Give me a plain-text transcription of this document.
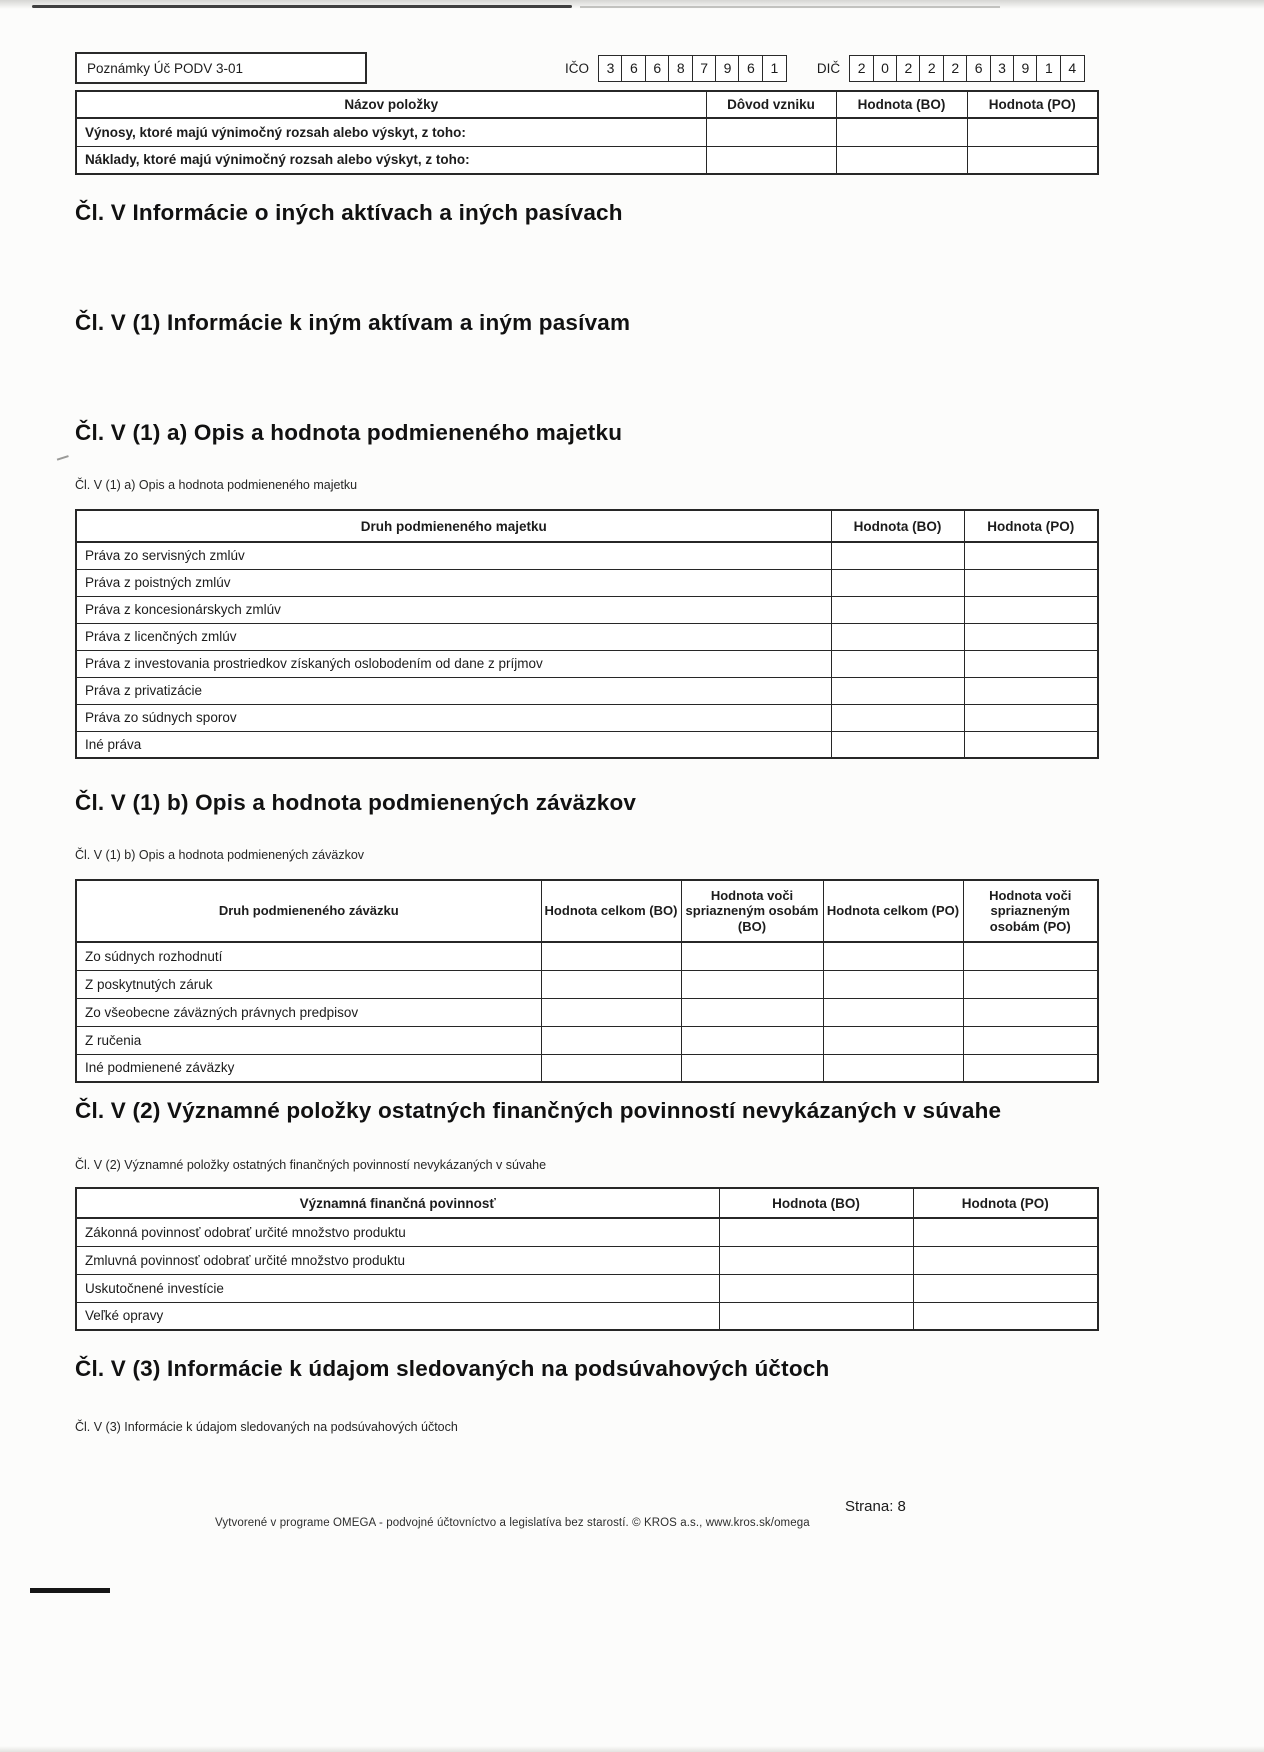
Poznámky Úč PODV 3-01	IČO	3	6	6	8	7	9	6	1	DIČ	2	0	2	2	2	6	3	9	1	4
Názov položky	Dôvod vzniku	Hodnota (BO)	Hodnota (PO)
Výnosy, ktoré majú výnimočný rozsah alebo výskyt, z toho:			
Náklady, ktoré majú výnimočný rozsah alebo výskyt, z toho:			
Čl. V Informácie o iných aktívach a iných pasívach
Čl. V (1) Informácie k iným aktívam a iným pasívam
Čl. V (1) a) Opis a hodnota podmieneného majetku
Čl. V (1) a) Opis a hodnota podmieneného majetku
Druh podmieneného majetku	Hodnota (BO)	Hodnota (PO)
Práva zo servisných zmlúv		
Práva z poistných zmlúv		
Práva z koncesionárskych zmlúv		
Práva z licenčných zmlúv		
Práva z investovania prostriedkov získaných oslobodením od dane z príjmov		
Práva z privatizácie		
Práva zo súdnych sporov		
Iné práva		
Čl. V (1) b) Opis a hodnota podmienených záväzkov
Čl. V (1) b) Opis a hodnota podmienených záväzkov
Druh podmieneného záväzku	Hodnota celkom (BO)	Hodnota voči spriazneným osobám (BO)	Hodnota celkom (PO)	Hodnota voči spriazneným osobám (PO)
Zo súdnych rozhodnutí				
Z poskytnutých záruk				
Zo všeobecne záväzných právnych predpisov				
Z ručenia				
Iné podmienené záväzky				
Čl. V (2) Významné položky ostatných finančných povinností nevykázaných v súvahe
Čl. V (2) Významné položky ostatných finančných povinností nevykázaných v súvahe
Významná finančná povinnosť	Hodnota (BO)	Hodnota (PO)
Zákonná povinnosť odobrať určité množstvo produktu		
Zmluvná povinnosť odobrať určité množstvo produktu		
Uskutočnené investície		
Veľké opravy		
Čl. V (3) Informácie k údajom sledovaných na podsúvahových účtoch
Čl. V (3) Informácie k údajom sledovaných na podsúvahových účtoch
Strana: 8
Vytvorené v programe OMEGA - podvojné účtovníctvo a legislatíva bez starostí. © KROS a.s., www.kros.sk/omega
